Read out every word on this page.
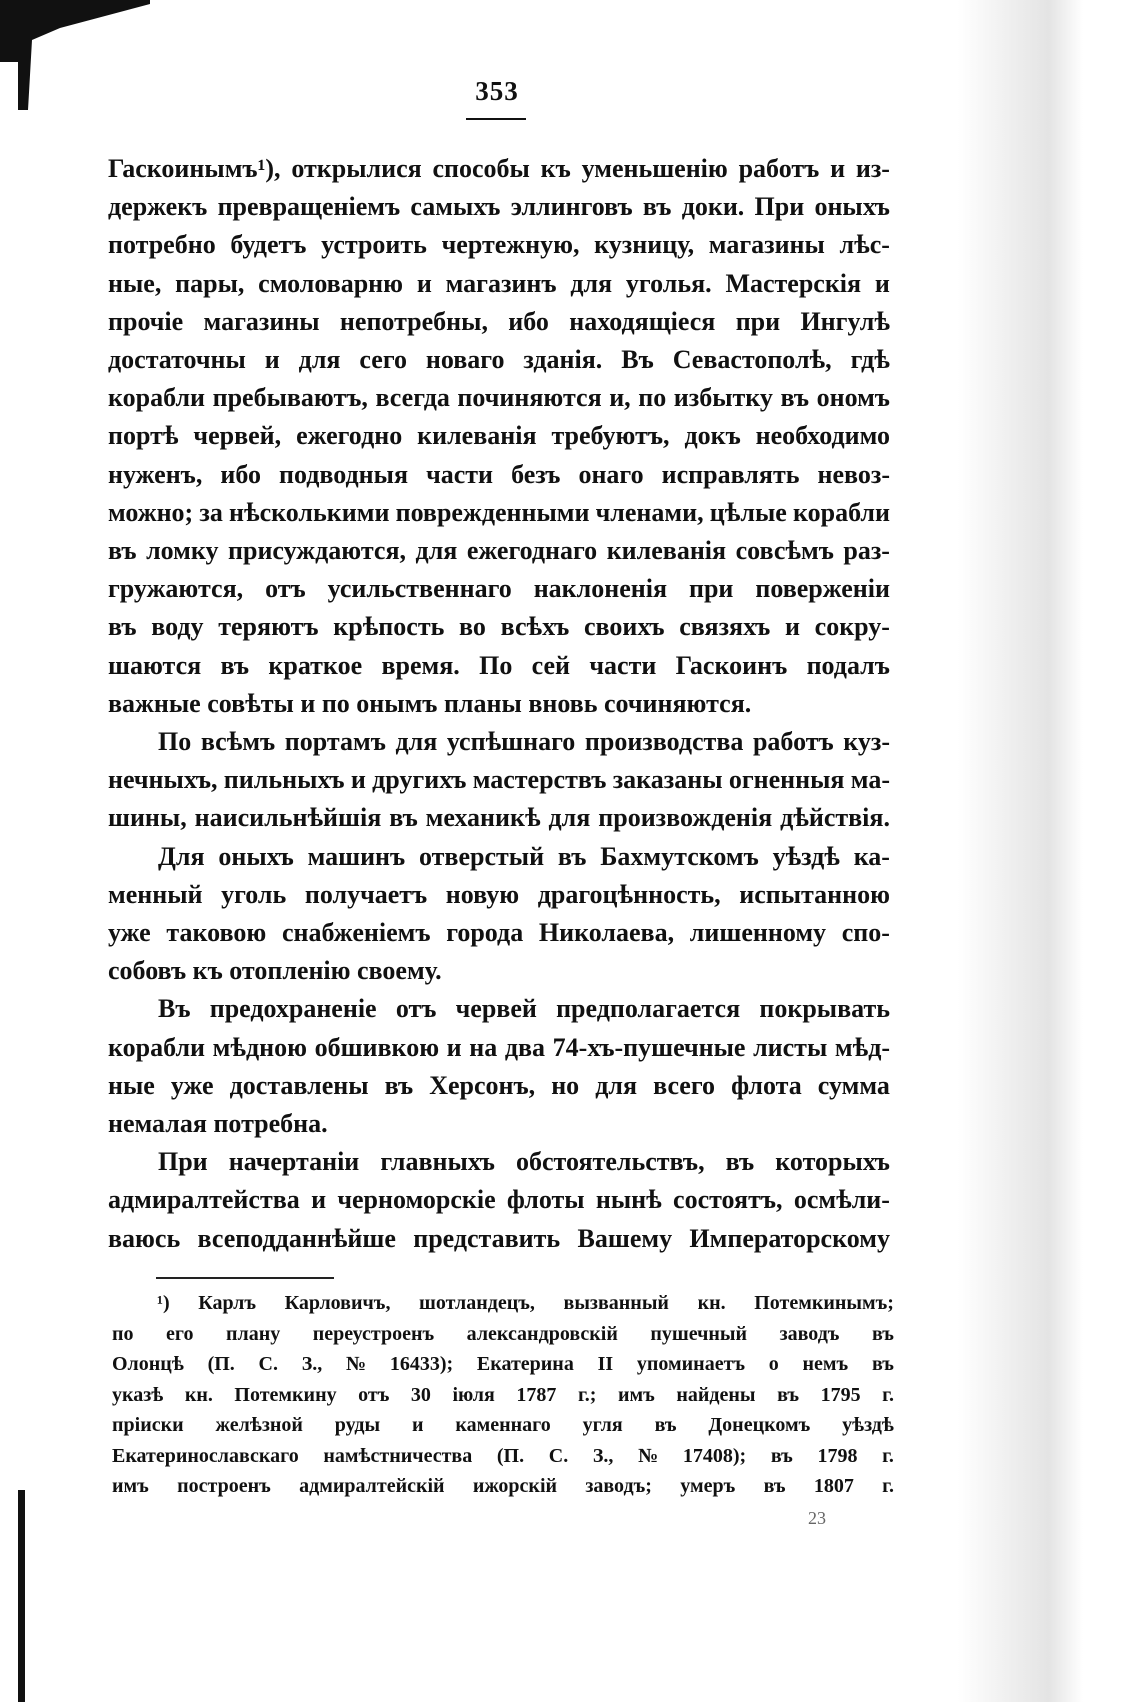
353
Гаскоинымъ¹), открылися способы къ уменьшенію работъ и из-
держекъ превращеніемъ самыхъ эллинговъ въ доки. При оныхъ
потребно будетъ устроить чертежную, кузницу, магазины лѣс-
ные, пары, смоловарню и магазинъ для уголья. Мастерскія и
прочіе магазины непотребны, ибо находящіеся при Ингулѣ
достаточны и для сего новаго зданія. Въ Севастополѣ, гдѣ
корабли пребываютъ, всегда починяются и, по избытку въ ономъ
портѣ червей, ежегодно килеванія требуютъ, докъ необходимо
нуженъ, ибо подводныя части безъ онаго исправлять невоз-
можно; за нѣсколькими поврежденными членами, цѣлые корабли
въ ломку присуждаются, для ежегоднаго килеванія совсѣмъ раз-
гружаются, отъ усильственнаго наклоненія при поверженіи
въ воду теряютъ крѣпость во всѣхъ своихъ связяхъ и сокру-
шаются въ краткое время. По сей части Гаскоинъ подалъ
важные совѣты и по онымъ планы вновь сочиняются.
По всѣмъ портамъ для успѣшнаго производства работъ куз-
нечныхъ, пильныхъ и другихъ мастерствъ заказаны огненныя ма-
шины, наисильнѣйшія въ механикѣ для произвожденія дѣйствія.
Для оныхъ машинъ отверстый въ Бахмутскомъ уѣздѣ ка-
менный уголь получаетъ новую драгоцѣнность, испытанною
уже таковою снабженіемъ города Николаева, лишенному спо-
собовъ къ отопленію своему.
Въ предохраненіе отъ червей предполагается покрывать
корабли мѣдною обшивкою и на два 74-хъ-пушечные листы мѣд-
ные уже доставлены въ Херсонъ, но для всего флота сумма
немалая потребна.
При начертаніи главныхъ обстоятельствъ, въ которыхъ
адмиралтейства и черноморскіе флоты нынѣ состоятъ, осмѣли-
ваюсь всеподданнѣйше представить Вашему Императорскому
¹) Карлъ Карловичъ, шотландецъ, вызванный кн. Потемкинымъ;
по его плану переустроенъ александровскій пушечный заводъ въ
Олонцѣ (П. С. З., № 16433); Екатерина II упоминаетъ о немъ въ
указѣ кн. Потемкину отъ 30 іюля 1787 г.; имъ найдены въ 1795 г.
пріиски желѣзной руды и каменнаго угля въ Донецкомъ уѣздѣ
Екатеринославскаго намѣстничества (П. С. З., № 17408); въ 1798 г.
имъ построенъ адмиралтейскій ижорскій заводъ; умеръ въ 1807 г.
23
